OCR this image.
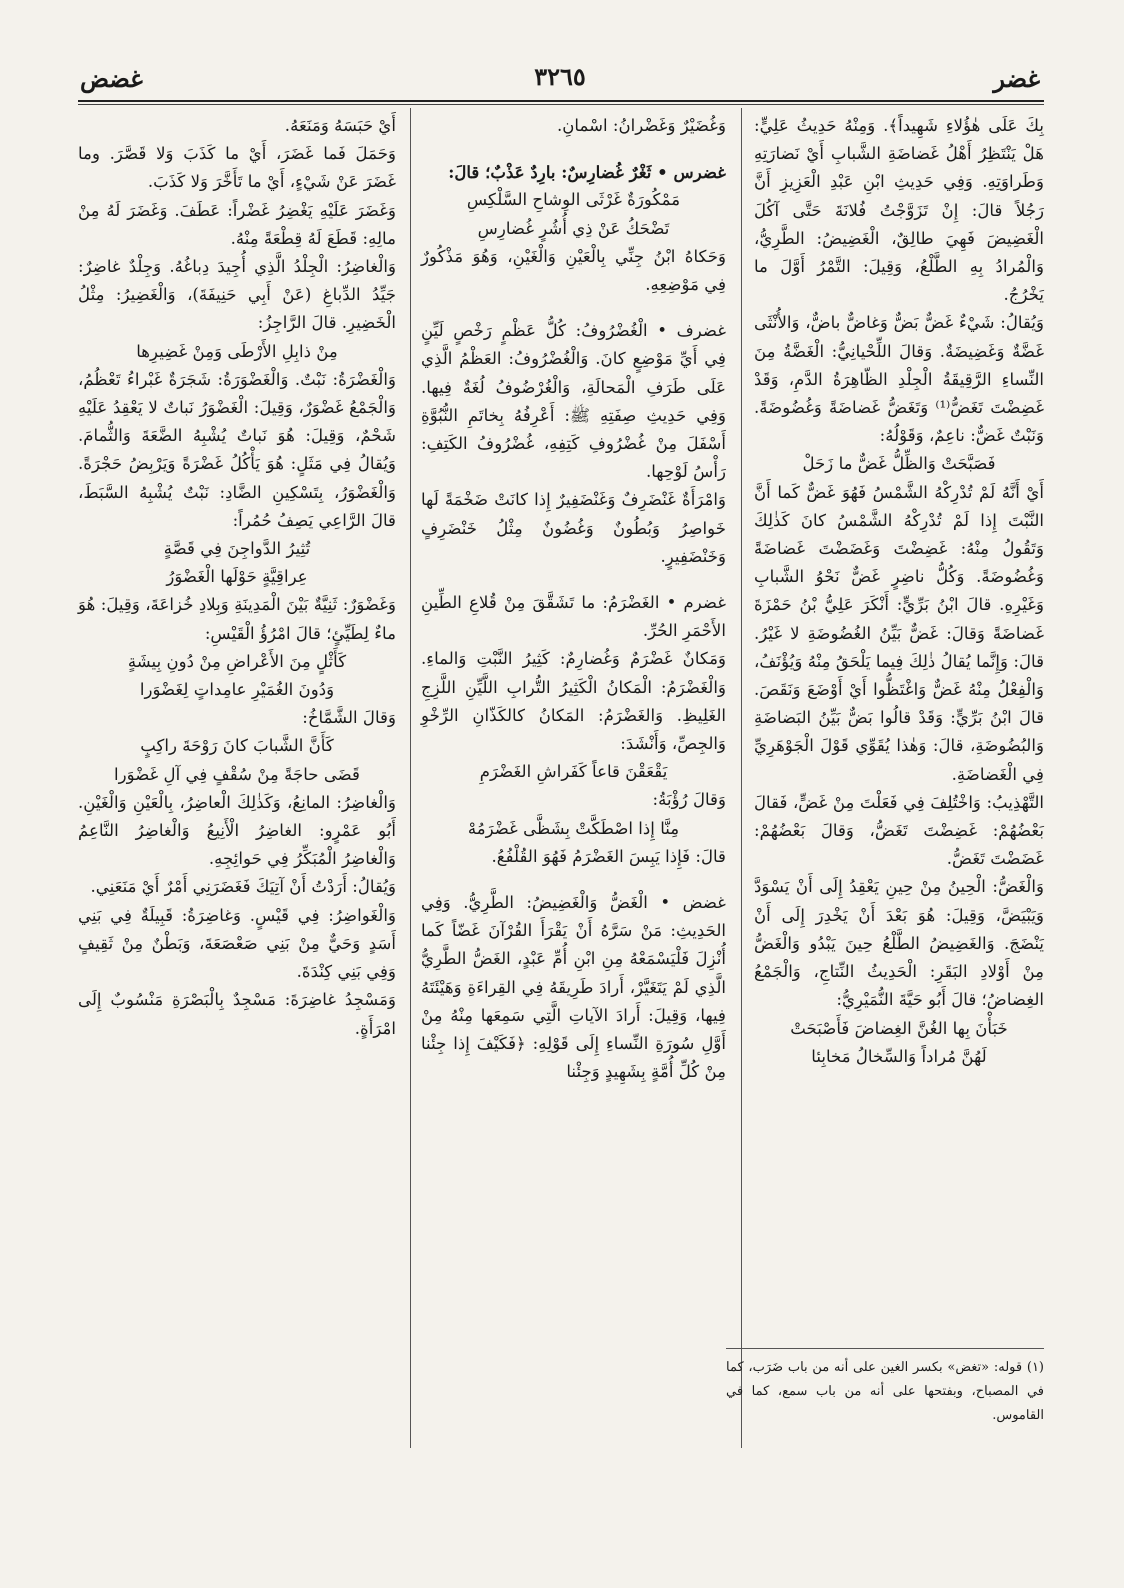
غضر
٣٢٦٥
غضض

أَيْ حَبَسَهُ وَمَنَعَهُ.

وَحَمَلَ فَما غَضَرَ، أَيْ ما كَذَبَ وَلا قَصَّرَ. وما غَضَرَ عَنْ شَيْءٍ، أَيْ ما تَأَخَّرَ وَلا كَذَبَ.

وَغَضَرَ عَلَيْهِ يَغْضِرُ غَضْراً: عَطَفَ. وَغَضَرَ لَهُ مِنْ مالِهِ: قَطَعَ لَهُ قِطْعَةً مِنْهُ.

وَالْغاضِرُ: الْجِلْدُ الَّذِي أُجِيدَ دِباغُهُ. وَجِلْدٌ غاضِرٌ: جَيِّدُ الدِّباغِ (عَنْ أَبِي حَنِيفَةَ)، وَالْغَضِيرُ: مِثْلُ الْخَضِيرِ. قالَ الرَّاجِزُ:

مِنْ ذابِلِ الأَرْطَى وَمِنْ غَضِيرِها

وَالْغَضْرَةُ: نَبْتٌ. وَالْغَضْوَرَةُ: شَجَرَةٌ غَبْراءُ تَعْظُمُ، وَالْجَمْعُ غَضْوَرٌ، وَقِيلَ: الْغَضْوَرُ نَباتٌ لا يَعْقِدُ عَلَيْهِ شَحْمٌ، وَقِيلَ: هُوَ نَباتٌ يُشْبِهُ الضَّعَةَ وَالثُّمامَ. وَيُقالُ فِي مَثَلٍ: هُوَ يَأْكُلُ غَضْرَةً وَيَرْبِضُ حَجْرَةً. وَالْغَضْوَرُ، بِتَسْكِينِ الضَّادِ: نَبْتٌ يُشْبِهُ السَّبَطَ، قالَ الرَّاعِي يَصِفُ حُمُراً:

تُثِيرُ الدَّواجِنَ فِي قَصَّةٍ

عِراقِيَّةٍ حَوْلَها الْغَضْوَرُ

وَغَضْوَرٌ: ثَنِيَّةٌ بَيْنَ الْمَدِينَةِ وَبِلادِ خُزاعَةَ، وَقِيلَ: هُوَ ماءٌ لِطَيِّئٍ؛ قالَ امْرُؤُ الْقَيْسِ:

كَأَثْلٍ مِنَ الأَعْراضِ مِنْ دُونِ بِيشَةٍ

وَدُونَ الغُمَيْرِ عامِداتٍ لِغَضْوَرا

وَقالَ الشَّمَّاخُ:

كَأَنَّ الشَّبابَ كانَ رَوْحَةَ راكِبٍ

قَضَى حاجَةً مِنْ سُقْفٍ فِي آلِ غَضْوَرا

وَالْغاضِرُ: المانِعُ، وَكَذٰلِكَ الْعاضِرُ، بِالْعَيْنِ وَالْغَيْنِ. أَبُو عَمْرٍو: الغاضِرُ الْأَنِيعُ وَالْغاضِرُ النَّاعِمُ وَالْغاضِرُ الْمُبَكِّرُ فِي حَوائِجِهِ.

وَيُقالُ: أَرَدْتُ أَنْ آتِيَكَ فَغَضَرَنِي أَمْرٌ أَيْ مَنَعَنِي.

وَالْغَواضِرُ: فِي قَيْسٍ. وَغاضِرَةُ: قَبِيلَةٌ فِي بَنِي أَسَدٍ وَحَيٌّ مِنْ بَنِي صَعْصَعَةَ، وَبَطْنٌ مِنْ ثَقِيفٍ وَفِي بَنِي كِنْدَةَ.

وَمَسْجِدُ غاضِرَةَ: مَسْجِدٌ بِالْبَصْرَةِ مَنْسُوبٌ إِلَى امْرَأَةٍ.

وَغُضَيْرٌ وَغَضْرانُ: اسْمانِ.

غضرس • ثَغْرٌ غُضارِسٌ: بارِدٌ عَذْبٌ؛ قالَ:

مَمْكُورَةٌ غَرْثَى الوِشاحِ السَّلْكِسِ

تَضْحَكُ عَنْ ذِي أُشُرٍ غُضارِسِ

وَحَكاهُ ابْنُ جِنِّي بِالْعَيْنِ وَالْغَيْنِ، وَهُوَ مَذْكُورٌ فِي مَوْضِعِهِ.

غضرف • الْغُضْرُوفُ: كُلُّ عَظْمٍ رَخْصٍ لَيِّنٍ فِي أَيِّ مَوْضِعٍ كانَ. وَالْغُضْرُوفُ: العَظْمُ الَّذِي عَلَى طَرَفِ الْمَحالَةِ، وَالْغُرْضُوفُ لُغَةٌ فِيها. وَفِي حَدِيثِ صِفَتِهِ ﷺ: أَعْرِفُهُ بِخاتَمِ النُّبُوَّةِ أَسْفَلَ مِنْ غُضْرُوفِ كَتِفِهِ، غُضْرُوفُ الكَتِفِ: رَأْسُ لَوْحِها.

وَامْرَأَةٌ غَنْضَرِفٌ وَغَنْضَفِيرٌ إِذا كانَتْ ضَخْمَةً لَها خَواصِرُ وَبُطُونٌ وَغُضُونٌ مِثْلُ خَنْضَرِفٍ وَخَنْضَفِيرٍ.

غضرم • الغَضْرَمُ: ما تَشَقَّقَ مِنْ قُلاعِ الطِّينِ الأَحْمَرِ الحُرِّ.

وَمَكانٌ غَضْرَمٌ وَغُضارِمٌ: كَثِيرُ النَّبْتِ وَالماءِ. وَالْغَضْرَمُ: الْمَكانُ الْكَثِيرُ التُّرابِ اللَّيِّنِ اللَّزِجِ الغَلِيظِ. وَالغَضْرَمُ: المَكانُ كالكَذّانِ الرِّخْوِ وَالجِصِّ، وَأَنْشَدَ:

يَقْعَقْنَ قاعاً كَفَراشِ الغَضْرَمِ

وَقالَ رُؤْبَةُ:

مِنَّا إِذا اصْطَكَّتْ بِشَظَّى غَضْرَمُهْ

قالَ: فَإِذا يَبِسَ الغَضْرَمُ فَهُوَ القُلْفُعُ.

غضض • الْغَضُّ وَالْغَضِيضُ: الطَّرِيُّ. وَفِي الحَدِيثِ: مَنْ سَرَّهُ أَنْ يَقْرَأَ القُرْآنَ غَضّاً كَما أُنْزِلَ فَلْيَسْمَعْهُ مِنِ ابْنِ أُمِّ عَبْدٍ، الغَضُّ الطَّرِيُّ الَّذِي لَمْ يَتَغَيَّرْ، أَرادَ طَرِيقَهُ فِي القِراءَةِ وَهَيْئَتَهُ فِيها، وَقِيلَ: أَرادَ الآياتِ الَّتِي سَمِعَها مِنْهُ مِنْ أَوَّلِ سُورَةِ النِّساءِ إِلَى قَوْلِهِ: ﴿فَكَيْفَ إِذا جِئْنا مِنْ كُلِّ أُمَّةٍ بِشَهِيدٍ وَجِئْنا

بِكَ عَلَى هٰؤُلاءِ شَهِيداً﴾. وَمِنْهُ حَدِيثُ عَلِيٍّ: هَلْ يَنْتَظِرُ أَهْلُ غَضاضَةِ الشَّبابِ أَيْ نَضارَتِهِ وَطَراوَتِهِ. وَفِي حَدِيثِ ابْنِ عَبْدِ الْعَزِيزِ أَنَّ رَجُلاً قالَ: إِنْ تَزَوَّجْتُ فُلانَةَ حَتَّى آكُلَ الْغَضِيضَ فَهِيَ طالِقٌ، الْغَضِيضُ: الطَّرِيُّ، وَالْمُرادُ بِهِ الطَّلْعُ، وَقِيلَ: التَّمْرُ أَوَّلَ ما يَخْرُجُ.

وَيُقالُ: شَيْءٌ غَضٌّ بَضٌّ وَغاضٌّ باضٌّ، وَالأُنْثَى غَضَّةٌ وَغَضِيضَةٌ. وَقالَ اللِّحْيانِيُّ: الْغَضَّةُ مِنَ النِّساءِ الرَّقِيقَةُ الْجِلْدِ الظّاهِرَةُ الدَّمِ، وَقَدْ غَضِضْتَ تَغَضُّ⁽¹⁾ وَتَغَضُّ غَضاضَةً وَغُضُوضَةً. وَنَبْتٌ غَضٌّ: ناعِمٌ، وَقَوْلُهُ:

فَصَبَّحَتْ وَالظِّلُّ غَضٌّ ما زَحَلْ

أَيْ أَنَّهُ لَمْ تُدْرِكْهُ الشَّمْسُ فَهُوَ غَضٌّ كَما أَنَّ النَّبْتَ إِذا لَمْ تُدْرِكْهُ الشَّمْسُ كانَ كَذٰلِكَ وَتَقُولُ مِنْهُ: غَضِضْتَ وَغَضَضْتَ غَضاضَةً وَغُضُوضَةً. وَكُلُّ ناضِرٍ غَضٌّ نَحْوُ الشَّبابِ وَغَيْرِهِ. قالَ ابْنُ بَرِّيٍّ: أَنْكَرَ عَلِيُّ بْنُ حَمْزَةَ غَضاضَةً وَقالَ: غَضٌّ بَيِّنُ الغُضُوضَةِ لا غَيْرُ. قالَ: وَإِنَّما يُقالُ ذٰلِكَ فِيما يَلْحَقُ مِنْهُ وَيُؤْنَفُ، وَالْفِعْلُ مِنْهُ غَضٌّ وَاغْتَظُّوا أَيْ أَوْضَعَ وَنَقَصَ. قالَ ابْنُ بَرِّيٍّ: وَقَدْ قالُوا بَضٌّ بَيِّنُ البَضاضَةِ وَالبُضُوضَةِ، قالَ: وَهٰذا يُقَوِّي قَوْلَ الْجَوْهَرِيِّ فِي الْغَضاضَةِ.

التَّهْذِيبُ: وَاخْتُلِفَ فِي فَعَلْتَ مِنْ غَضٍّ، فَقالَ بَعْضُهُمْ: غَضِضْتَ تَغَضُّ، وَقالَ بَعْضُهُمْ: غَضَضْتَ تَغَضُّ.

وَالْغَضُّ: الْحِينُ مِنْ حِينِ يَعْقِدُ إِلَى أَنْ يَسْوَدَّ وَيَبْيَضَّ، وَقِيلَ: هُوَ بَعْدَ أَنْ يَخْدِرَ إِلَى أَنْ يَنْضَجَ. وَالغَضِيضُ الطَّلْعُ حِينَ يَبْدُو وَالْغَضُّ مِنْ أَوْلادِ البَقَرِ: الْحَدِيثُ النِّتاجِ، وَالْجَمْعُ الغِضاضُ؛ قالَ أَبُو حَيَّةَ النُّمَيْرِيُّ:

خَبَأْنَ بِها الغُنَّ الغِضاضَ فَأَصْبَحَتْ

لَهُنَّ مُراداً وَالسِّخالُ مَخابِئا

(١) قوله: «تغض» بكسر الغين على أنه من باب ضَرَب، كما في المصباح، وبفتحها على أنه من باب سمع، كما في القاموس.
